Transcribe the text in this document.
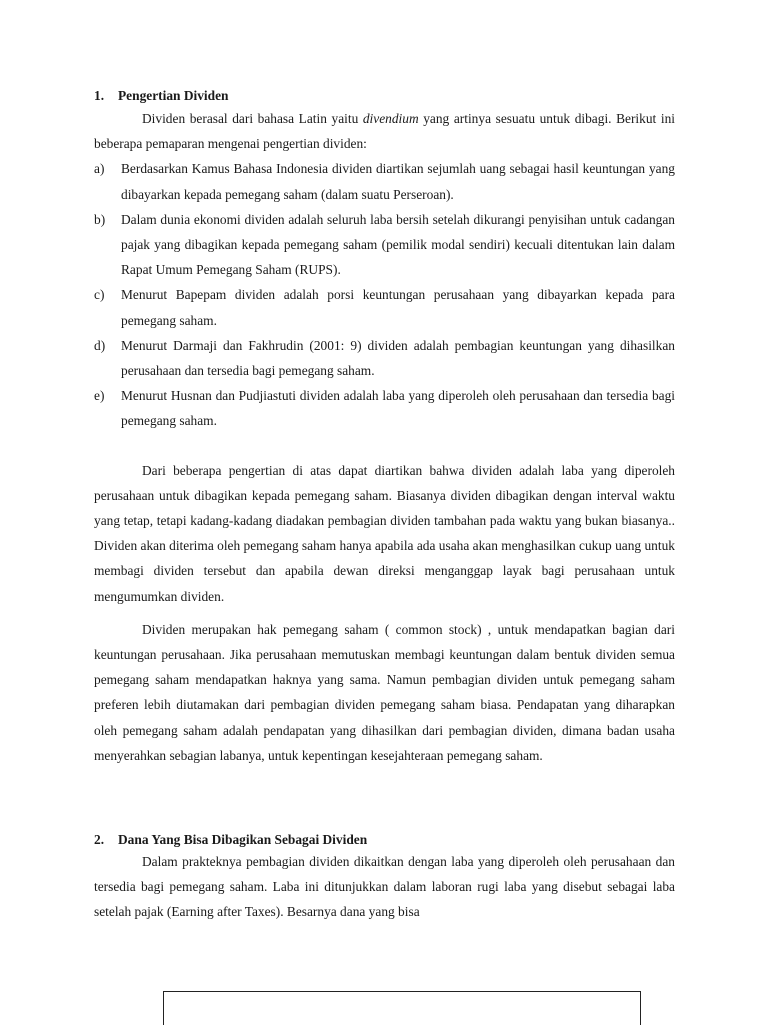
1.	Pengertian Dividen

Dividen berasal dari bahasa Latin yaitu divendium yang artinya sesuatu untuk dibagi. Berikut ini beberapa pemaparan mengenai pengertian dividen:

a)	Berdasarkan Kamus Bahasa Indonesia dividen diartikan sejumlah uang sebagai hasil keuntungan yang dibayarkan kepada pemegang saham (dalam suatu Perseroan).
b)	Dalam dunia ekonomi dividen adalah seluruh laba bersih setelah dikurangi penyisihan untuk cadangan pajak yang dibagikan kepada pemegang saham (pemilik modal sendiri) kecuali ditentukan lain dalam Rapat Umum Pemegang Saham (RUPS).
c)	Menurut Bapepam dividen adalah porsi keuntungan perusahaan yang dibayarkan kepada para pemegang saham.
d)	Menurut Darmaji dan Fakhrudin (2001: 9) dividen adalah pembagian keuntungan yang dihasilkan perusahaan dan tersedia bagi pemegang saham.
e)	Menurut Husnan dan Pudjiastuti dividen adalah laba yang diperoleh oleh perusahaan dan tersedia bagi pemegang saham.

Dari beberapa pengertian di atas dapat diartikan bahwa dividen adalah laba yang diperoleh perusahaan untuk dibagikan kepada pemegang saham. Biasanya dividen dibagikan dengan interval waktu yang tetap, tetapi kadang-kadang diadakan pembagian dividen tambahan pada waktu yang bukan biasanya.. Dividen akan diterima oleh pemegang saham hanya apabila ada usaha akan menghasilkan cukup uang untuk membagi dividen tersebut dan apabila dewan direksi menganggap layak bagi perusahaan untuk mengumumkan dividen.

Dividen merupakan hak pemegang saham ( common stock) , untuk mendapatkan bagian dari keuntungan perusahaan. Jika perusahaan memutuskan membagi keuntungan dalam bentuk dividen semua pemegang saham mendapatkan haknya yang sama. Namun pembagian dividen untuk pemegang saham preferen lebih diutamakan dari pembagian dividen pemegang saham biasa. Pendapatan yang diharapkan oleh pemegang saham adalah pendapatan yang dihasilkan dari pembagian dividen, dimana badan usaha menyerahkan sebagian labanya, untuk kepentingan kesejahteraan pemegang saham.

2.	Dana Yang Bisa Dibagikan Sebagai Dividen

Dalam prakteknya pembagian dividen dikaitkan dengan laba yang diperoleh oleh perusahaan dan tersedia bagi pemegang saham. Laba ini ditunjukkan dalam laboran rugi laba yang disebut sebagai laba setelah pajak (Earning after Taxes). Besarnya dana yang bisa
